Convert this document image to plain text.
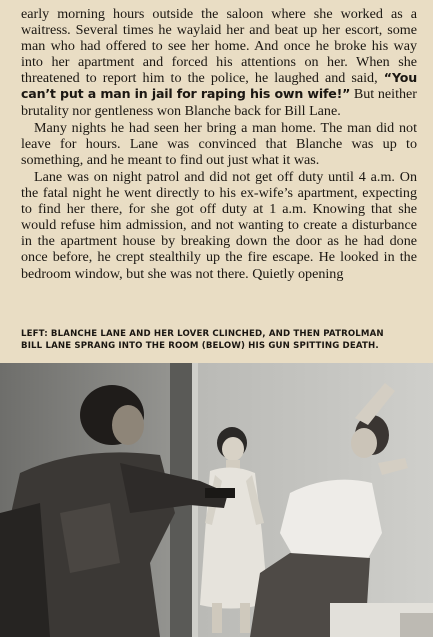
early morning hours outside the saloon where she worked as a waitress. Several times he waylaid her and beat up her escort, some man who had offered to see her home. And once he broke his way into her apartment and forced his attentions on her. When she threatened to report him to the police, he laughed and said, “You can’t put a man in jail for raping his own wife!” But neither brutality nor gentleness won Blanche back for Bill Lane.

Many nights he had seen her bring a man home. The man did not leave for hours. Lane was convinced that Blanche was up to something, and he meant to find out just what it was.

Lane was on night patrol and did not get off duty until 4 a.m. On the fatal night he went directly to his ex-wife’s apartment, expecting to find her there, for she got off duty at 1 a.m. Knowing that she would refuse him admission, and not wanting to create a disturbance in the apartment house by breaking down the door as he had done once before, he crept stealthily up the fire escape. He looked in the bedroom window, but she was not there. Quietly opening

LEFT: BLANCHE LANE AND HER LOVER CLINCHED, AND THEN PATROLMAN
BILL LANE SPRANG INTO THE ROOM (BELOW) HIS GUN SPITTING DEATH.
